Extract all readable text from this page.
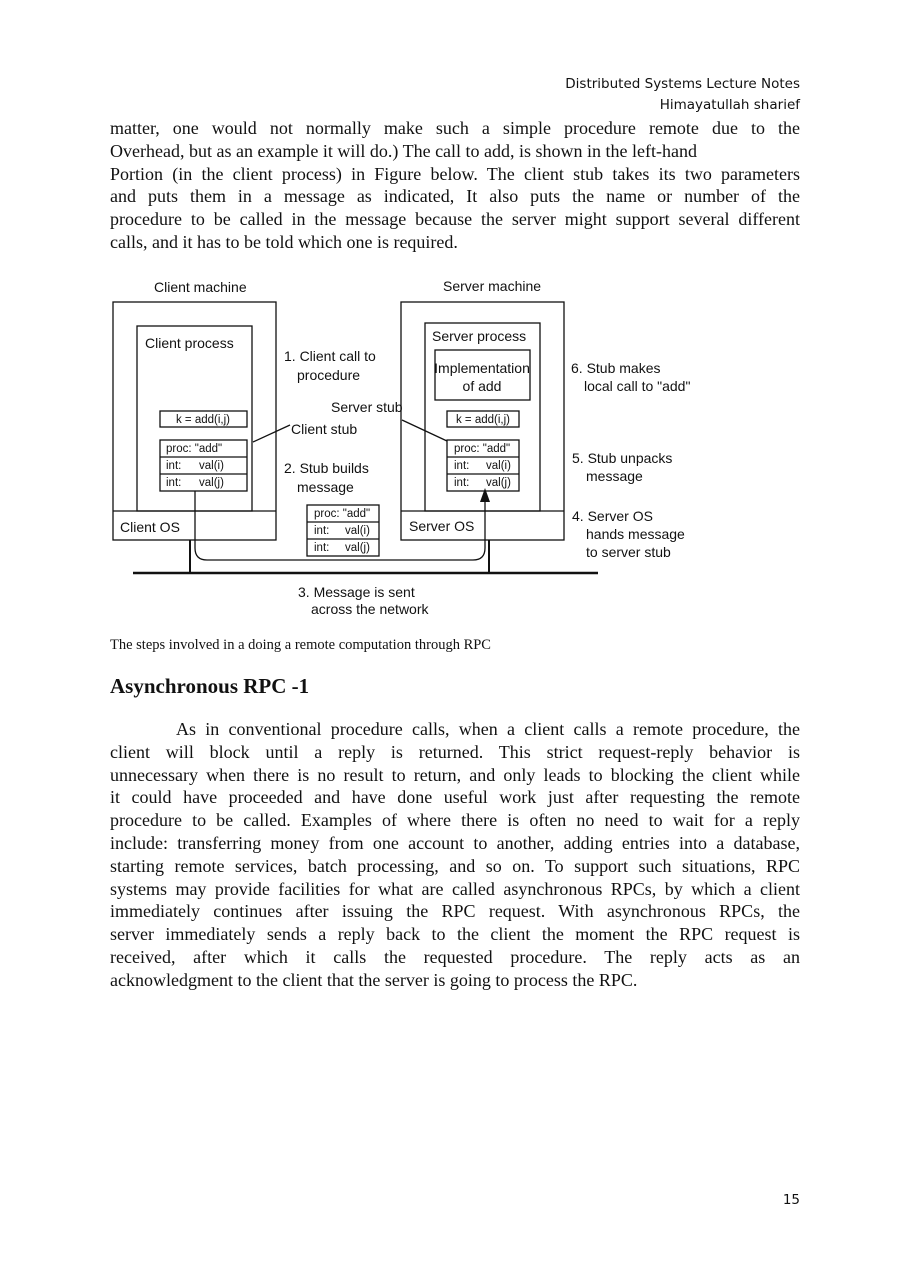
Distributed Systems Lecture Notes
Himayatullah sharief
matter, one would not normally make such a simple procedure remote due to the
Overhead, but as an example it will do.) The call to add, is shown in the left-hand
Portion (in the client process) in Figure below. The client stub takes its two parameters
and puts them in a message as indicated, It also puts the name or number of the
procedure to be called in the message because the server might support several different
calls, and it has to be told which one is required.
Client machine	Server machine
Client process	Server process
Implementation
of add
Client OS	Server OS
Client stub
Server stub
1. Client call to
procedure
2. Stub builds
message
3. Message is sent
across the network
4. Server OS
hands message
to server stub
5. Stub unpacks
message
6. Stub makes
local call to "add"
k = add(i,j)	k = add(i,j)
proc: "add"
int: val(i)
int: val(j)
proc: "add"
int: val(i)
int: val(j)
proc: "add"
int: val(i)
int: val(j)
The steps involved in a doing a remote computation through RPC
Asynchronous RPC -1
As in conventional procedure calls, when a client calls a remote procedure, the
client will block until a reply is returned. This strict request-reply behavior is
unnecessary when there is no result to return, and only leads to blocking the client while
it could have proceeded and have done useful work just after requesting the remote
procedure to be called. Examples of where there is often no need to wait for a reply
include: transferring money from one account to another, adding entries into a database,
starting remote services, batch processing, and so on. To support such situations, RPC
systems may provide facilities for what are called asynchronous RPCs, by which a client
immediately continues after issuing the RPC request. With asynchronous RPCs, the
server immediately sends a reply back to the client the moment the RPC request is
received, after which it calls the requested procedure. The reply acts as an
acknowledgment to the client that the server is going to process the RPC.
15
